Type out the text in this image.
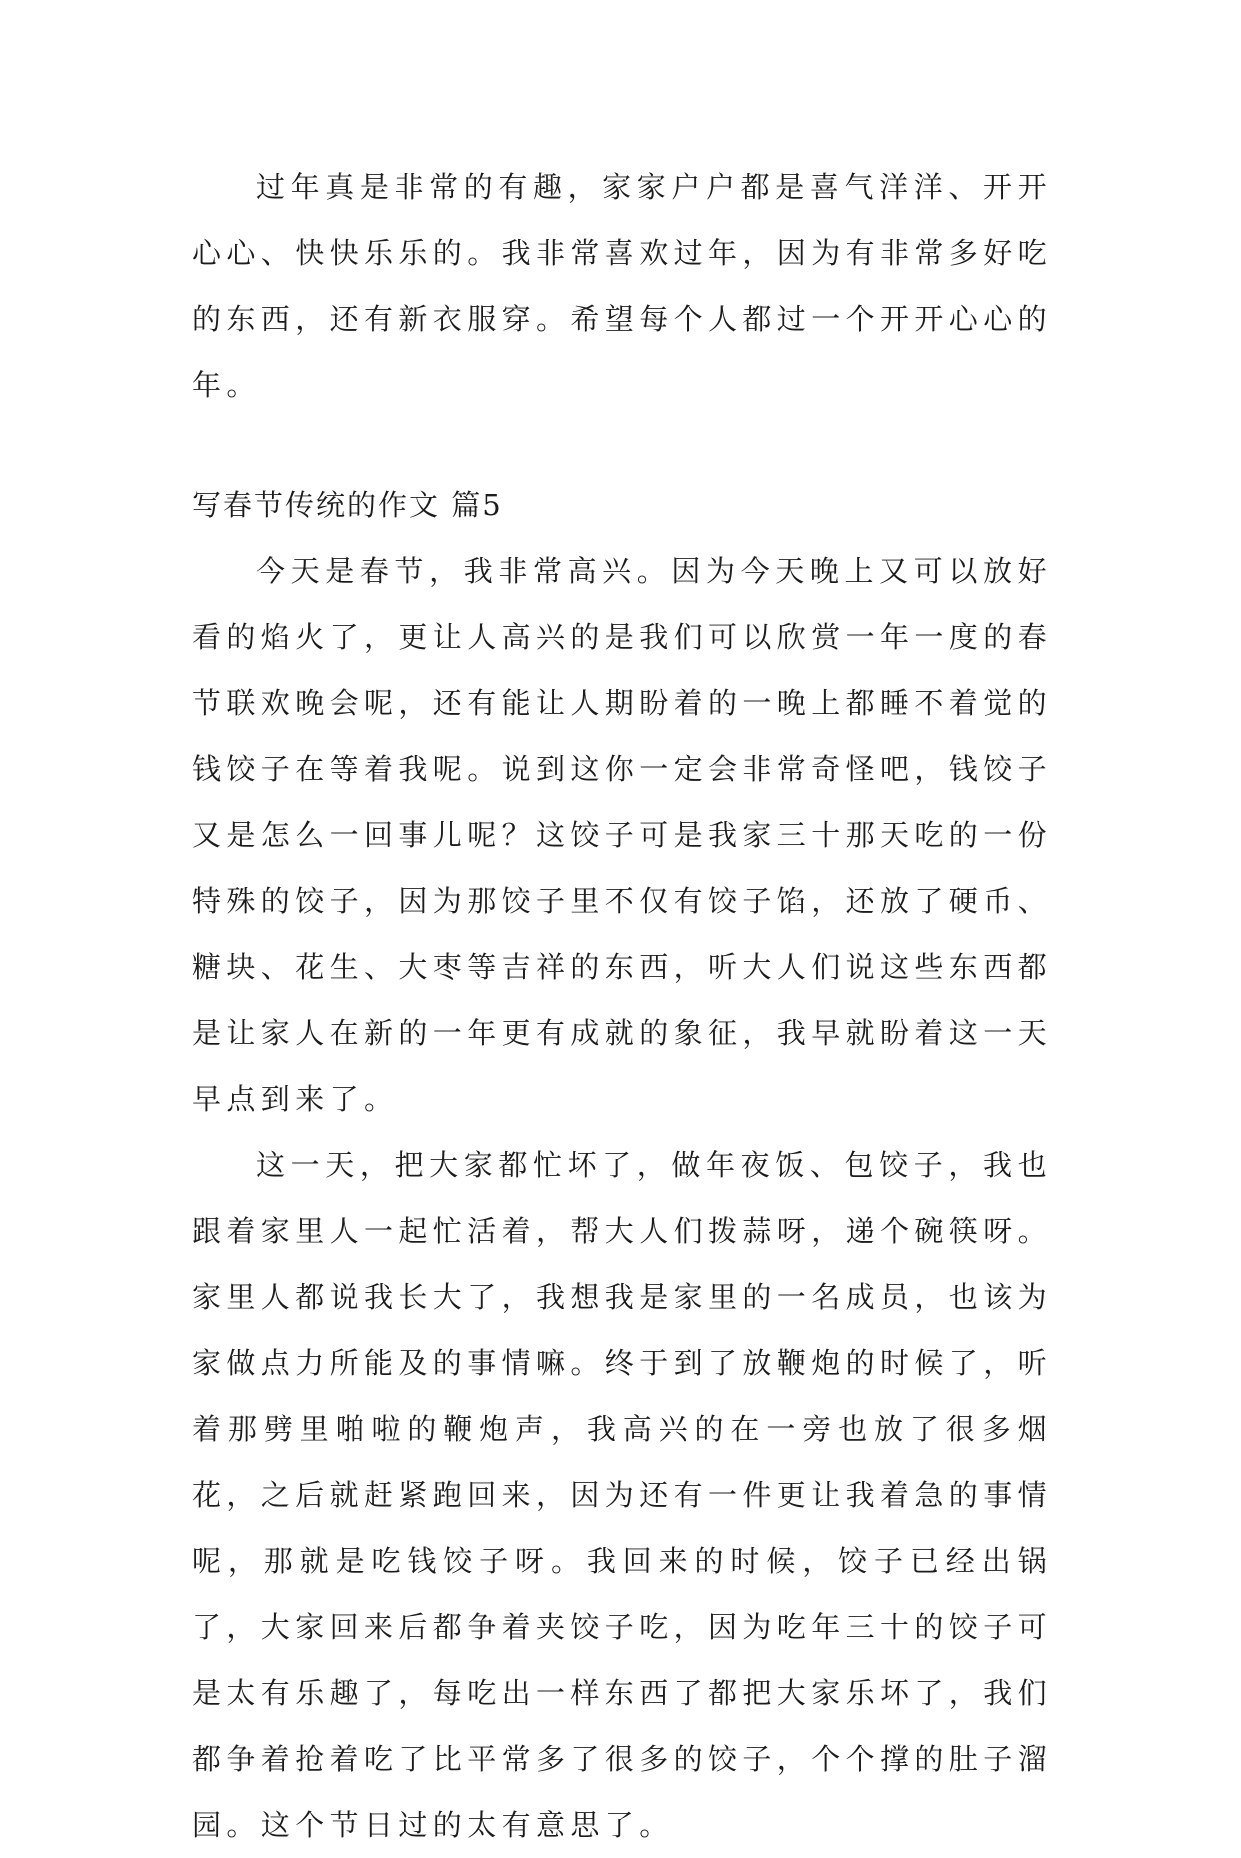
过年真是非常的有趣，家家户户都是喜气洋洋、开开心心、快快乐乐的。我非常喜欢过年，因为有非常多好吃的东西，还有新衣服穿。希望每个人都过一个开开心心的年。

写春节传统的作文 篇5

今天是春节，我非常高兴。因为今天晚上又可以放好看的焰火了，更让人高兴的是我们可以欣赏一年一度的春节联欢晚会呢，还有能让人期盼着的一晚上都睡不着觉的钱饺子在等着我呢。说到这你一定会非常奇怪吧，钱饺子又是怎么一回事儿呢？这饺子可是我家三十那天吃的一份特殊的饺子，因为那饺子里不仅有饺子馅，还放了硬币、糖块、花生、大枣等吉祥的东西，听大人们说这些东西都是让家人在新的一年更有成就的象征，我早就盼着这一天早点到来了。

这一天，把大家都忙坏了，做年夜饭、包饺子，我也跟着家里人一起忙活着，帮大人们拨蒜呀，递个碗筷呀。家里人都说我长大了，我想我是家里的一名成员，也该为家做点力所能及的事情嘛。终于到了放鞭炮的时候了，听着那劈里啪啦的鞭炮声，我高兴的在一旁也放了很多烟花，之后就赶紧跑回来，因为还有一件更让我着急的事情呢，那就是吃钱饺子呀。我回来的时候，饺子已经出锅了，大家回来后都争着夹饺子吃，因为吃年三十的饺子可是太有乐趣了，每吃出一样东西了都把大家乐坏了，我们都争着抢着吃了比平常多了很多的饺子，个个撑的肚子溜园。这个节日过的太有意思了。
